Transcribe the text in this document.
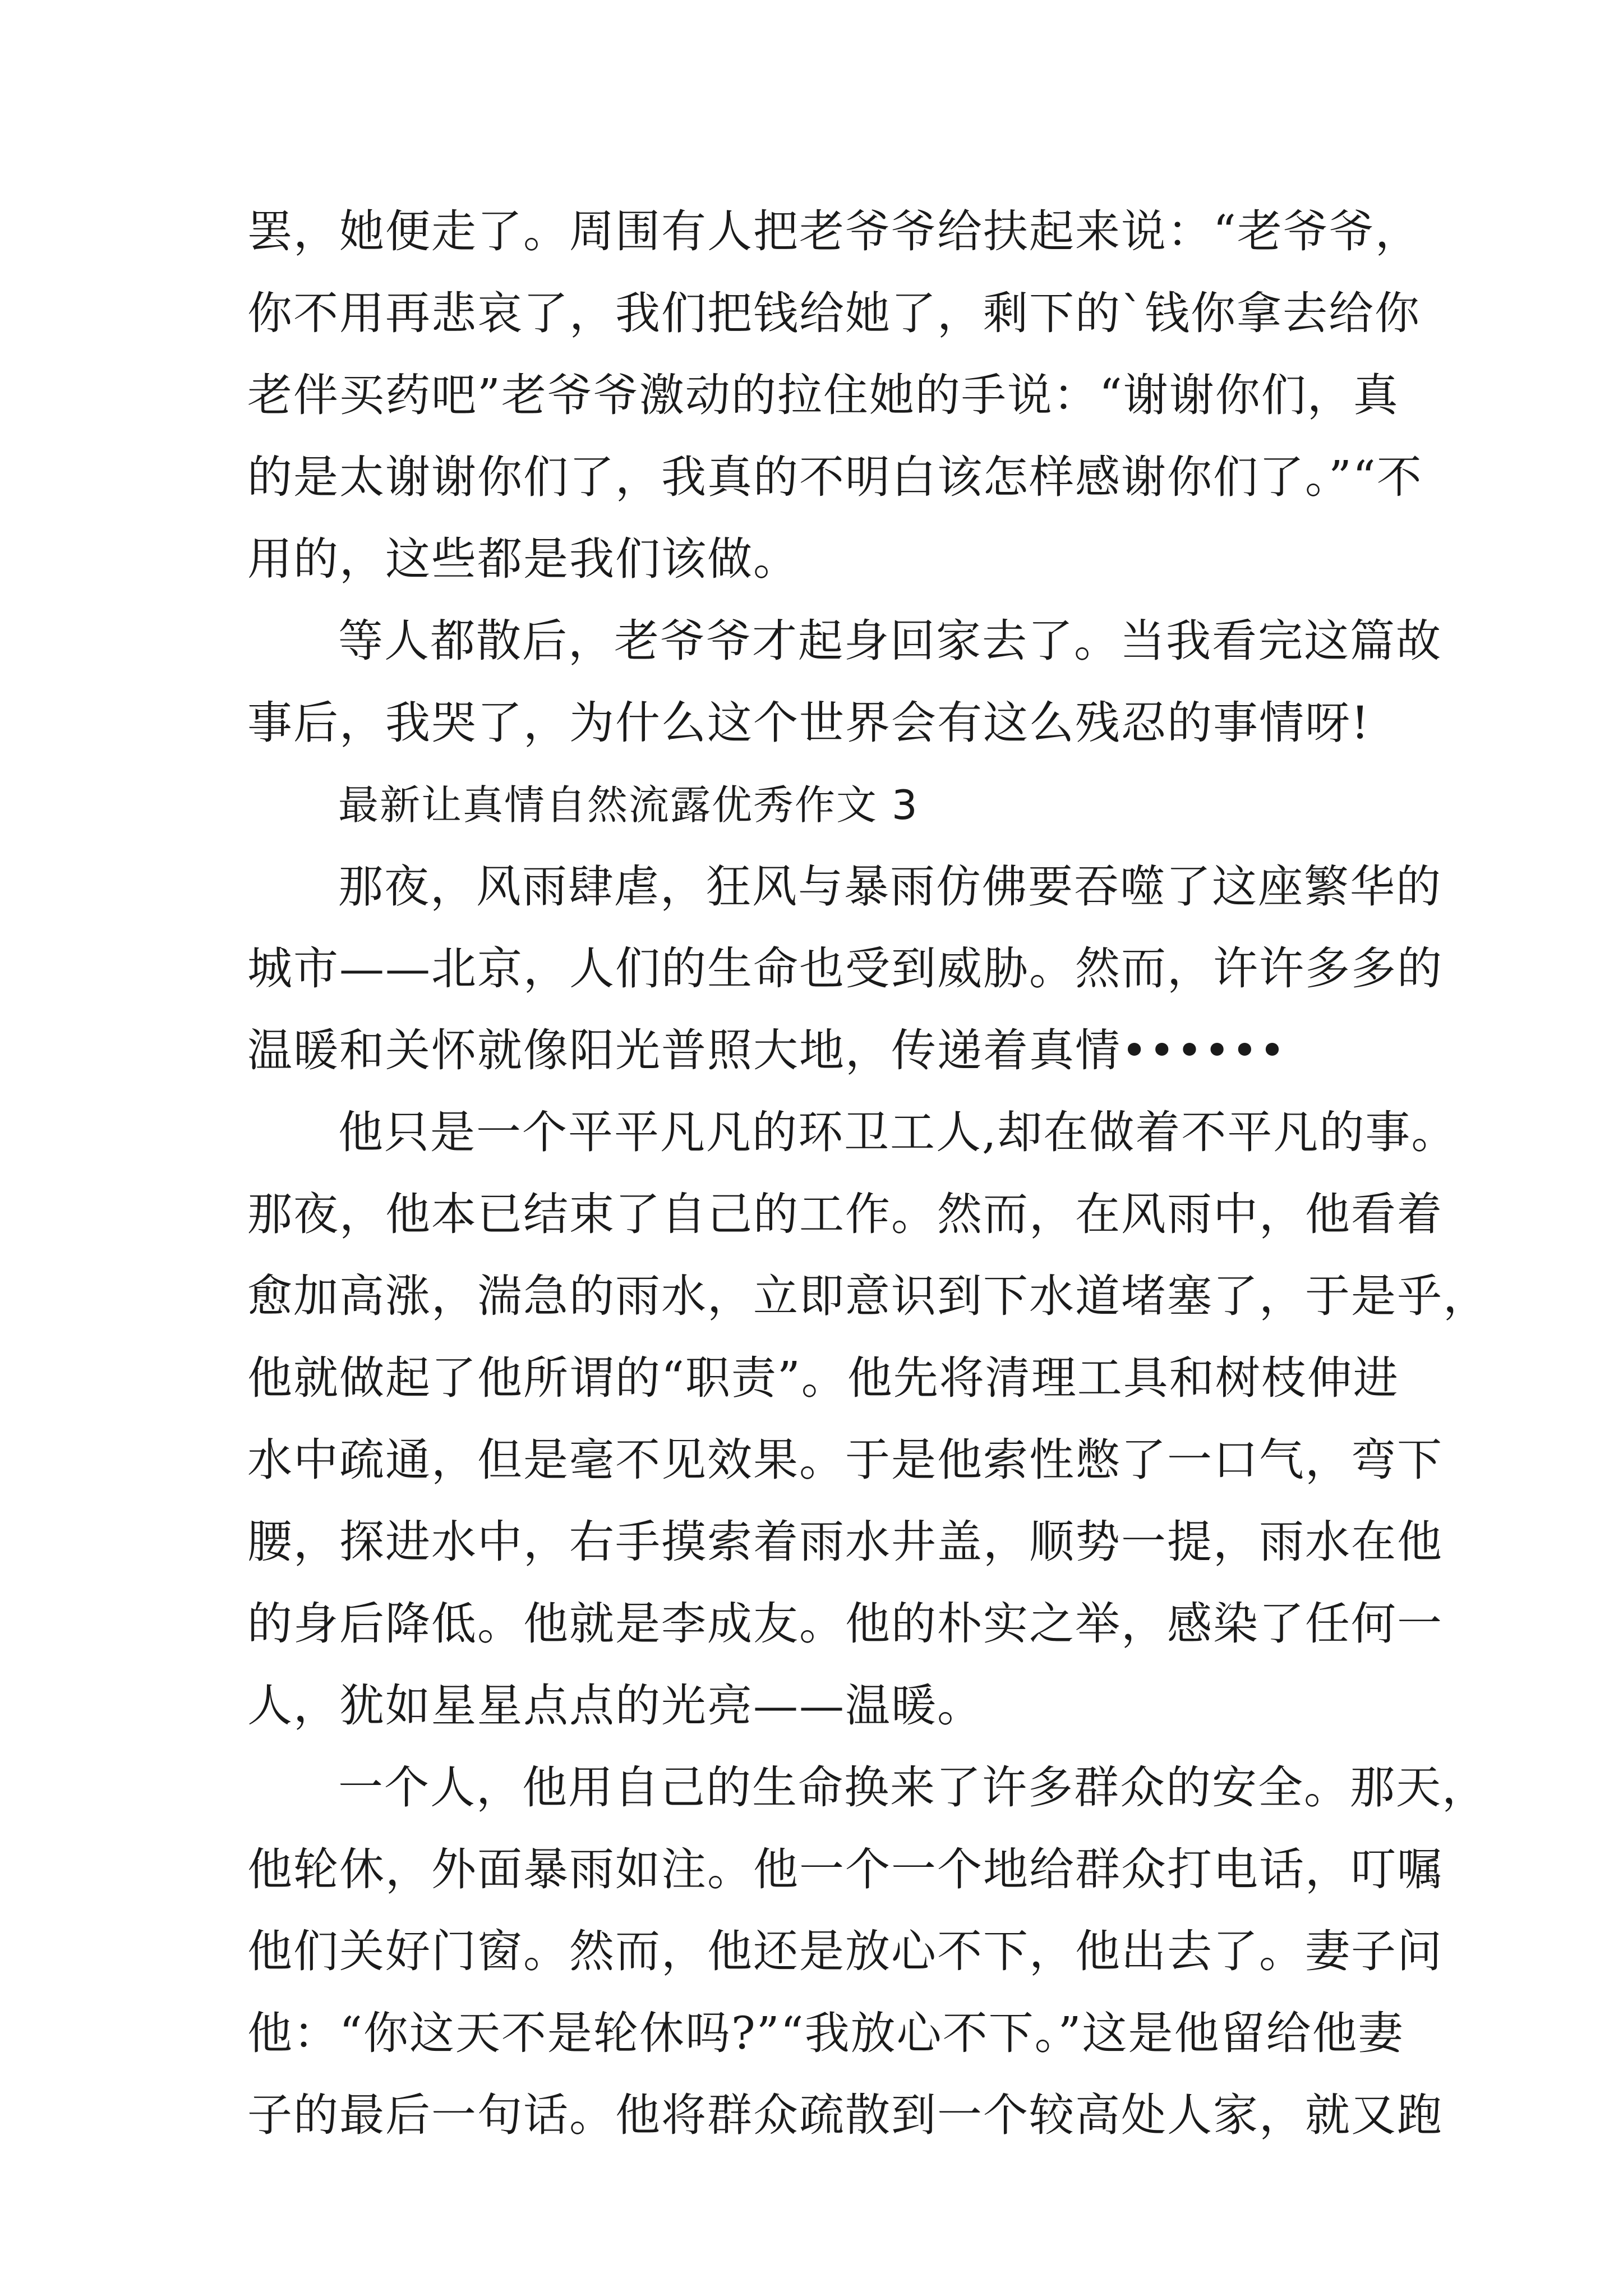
罢，她便走了。周围有人把老爷爷给扶起来说：“老爷爷，
你不用再悲哀了，我们把钱给她了，剩下的`钱你拿去给你
老伴买药吧”老爷爷激动的拉住她的手说：“谢谢你们，真
的是太谢谢你们了，我真的不明白该怎样感谢你们了。”“不
用的，这些都是我们该做。
等人都散后，老爷爷才起身回家去了。当我看完这篇故
事后，我哭了，为什么这个世界会有这么残忍的事情呀!
最新让真情自然流露优秀作文 3
那夜，风雨肆虐，狂风与暴雨仿佛要吞噬了这座繁华的
城市——北京，人们的生命也受到威胁。然而，许许多多的
温暖和关怀就像阳光普照大地，传递着真情••••••
他只是一个平平凡凡的环卫工人,却在做着不平凡的事。
那夜，他本已结束了自己的工作。然而，在风雨中，他看着
愈加高涨，湍急的雨水，立即意识到下水道堵塞了，于是乎，
他就做起了他所谓的“职责”。他先将清理工具和树枝伸进
水中疏通，但是毫不见效果。于是他索性憋了一口气，弯下
腰，探进水中，右手摸索着雨水井盖，顺势一提，雨水在他
的身后降低。他就是李成友。他的朴实之举，感染了任何一
人，犹如星星点点的光亮——温暖。
一个人，他用自己的生命换来了许多群众的安全。那天，
他轮休，外面暴雨如注。他一个一个地给群众打电话，叮嘱
他们关好门窗。然而，他还是放心不下，他出去了。妻子问
他：“你这天不是轮休吗?”“我放心不下。”这是他留给他妻
子的最后一句话。他将群众疏散到一个较高处人家，就又跑
